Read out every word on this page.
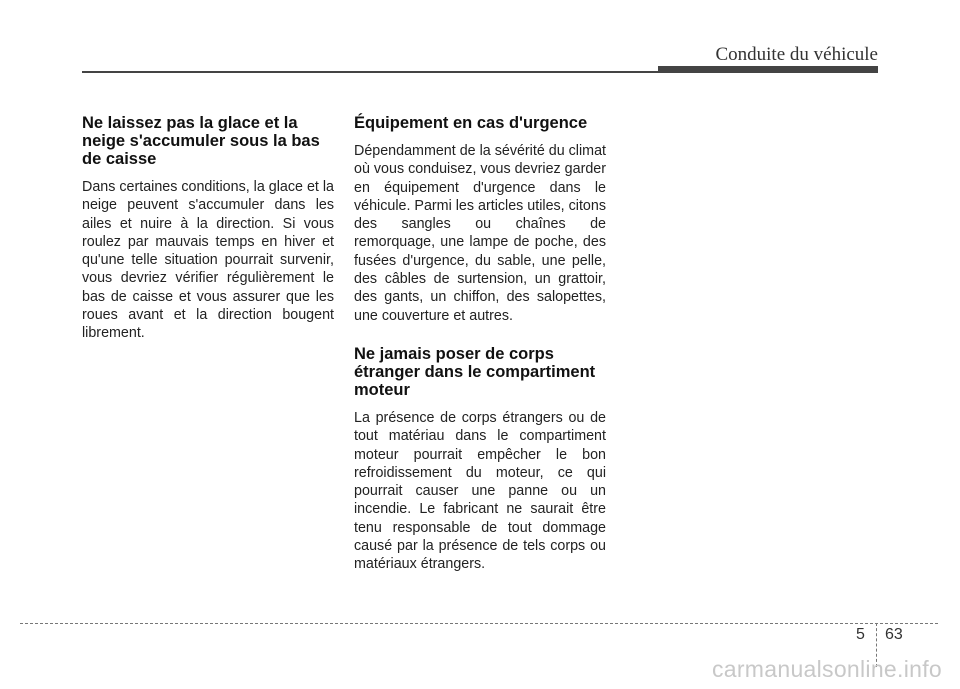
Conduite du véhicule
Ne laissez pas la glace et la neige s'accumuler sous la bas de caisse

Dans certaines conditions, la glace et la neige peuvent s'accumuler dans les ailes et nuire à la direction. Si vous roulez par mauvais temps en hiver et qu'une telle situation pourrait survenir, vous devriez vérifier régulièrement le bas de caisse et vous assurer que les roues avant et la direction bougent librement.

Équipement en cas d'urgence

Dépendamment de la sévérité du climat où vous conduisez, vous devriez garder en équipement d'urgence dans le véhicule. Parmi les articles utiles, citons des sangles ou chaînes de remorquage, une lampe de poche, des fusées d'urgence, du sable, une pelle, des câbles de surtension, un grattoir, des gants, un chiffon, des salopettes, une couverture et autres.

Ne jamais poser de corps étranger dans le compartiment moteur

La présence de corps étrangers ou de tout matériau dans le compartiment moteur pourrait empêcher le bon refroidissement du moteur, ce qui pourrait causer une panne ou un incendie. Le fabricant ne saurait être tenu responsable de tout dommage causé par la présence de tels corps ou matériaux étrangers.

5 63
carmanualsonline.info
